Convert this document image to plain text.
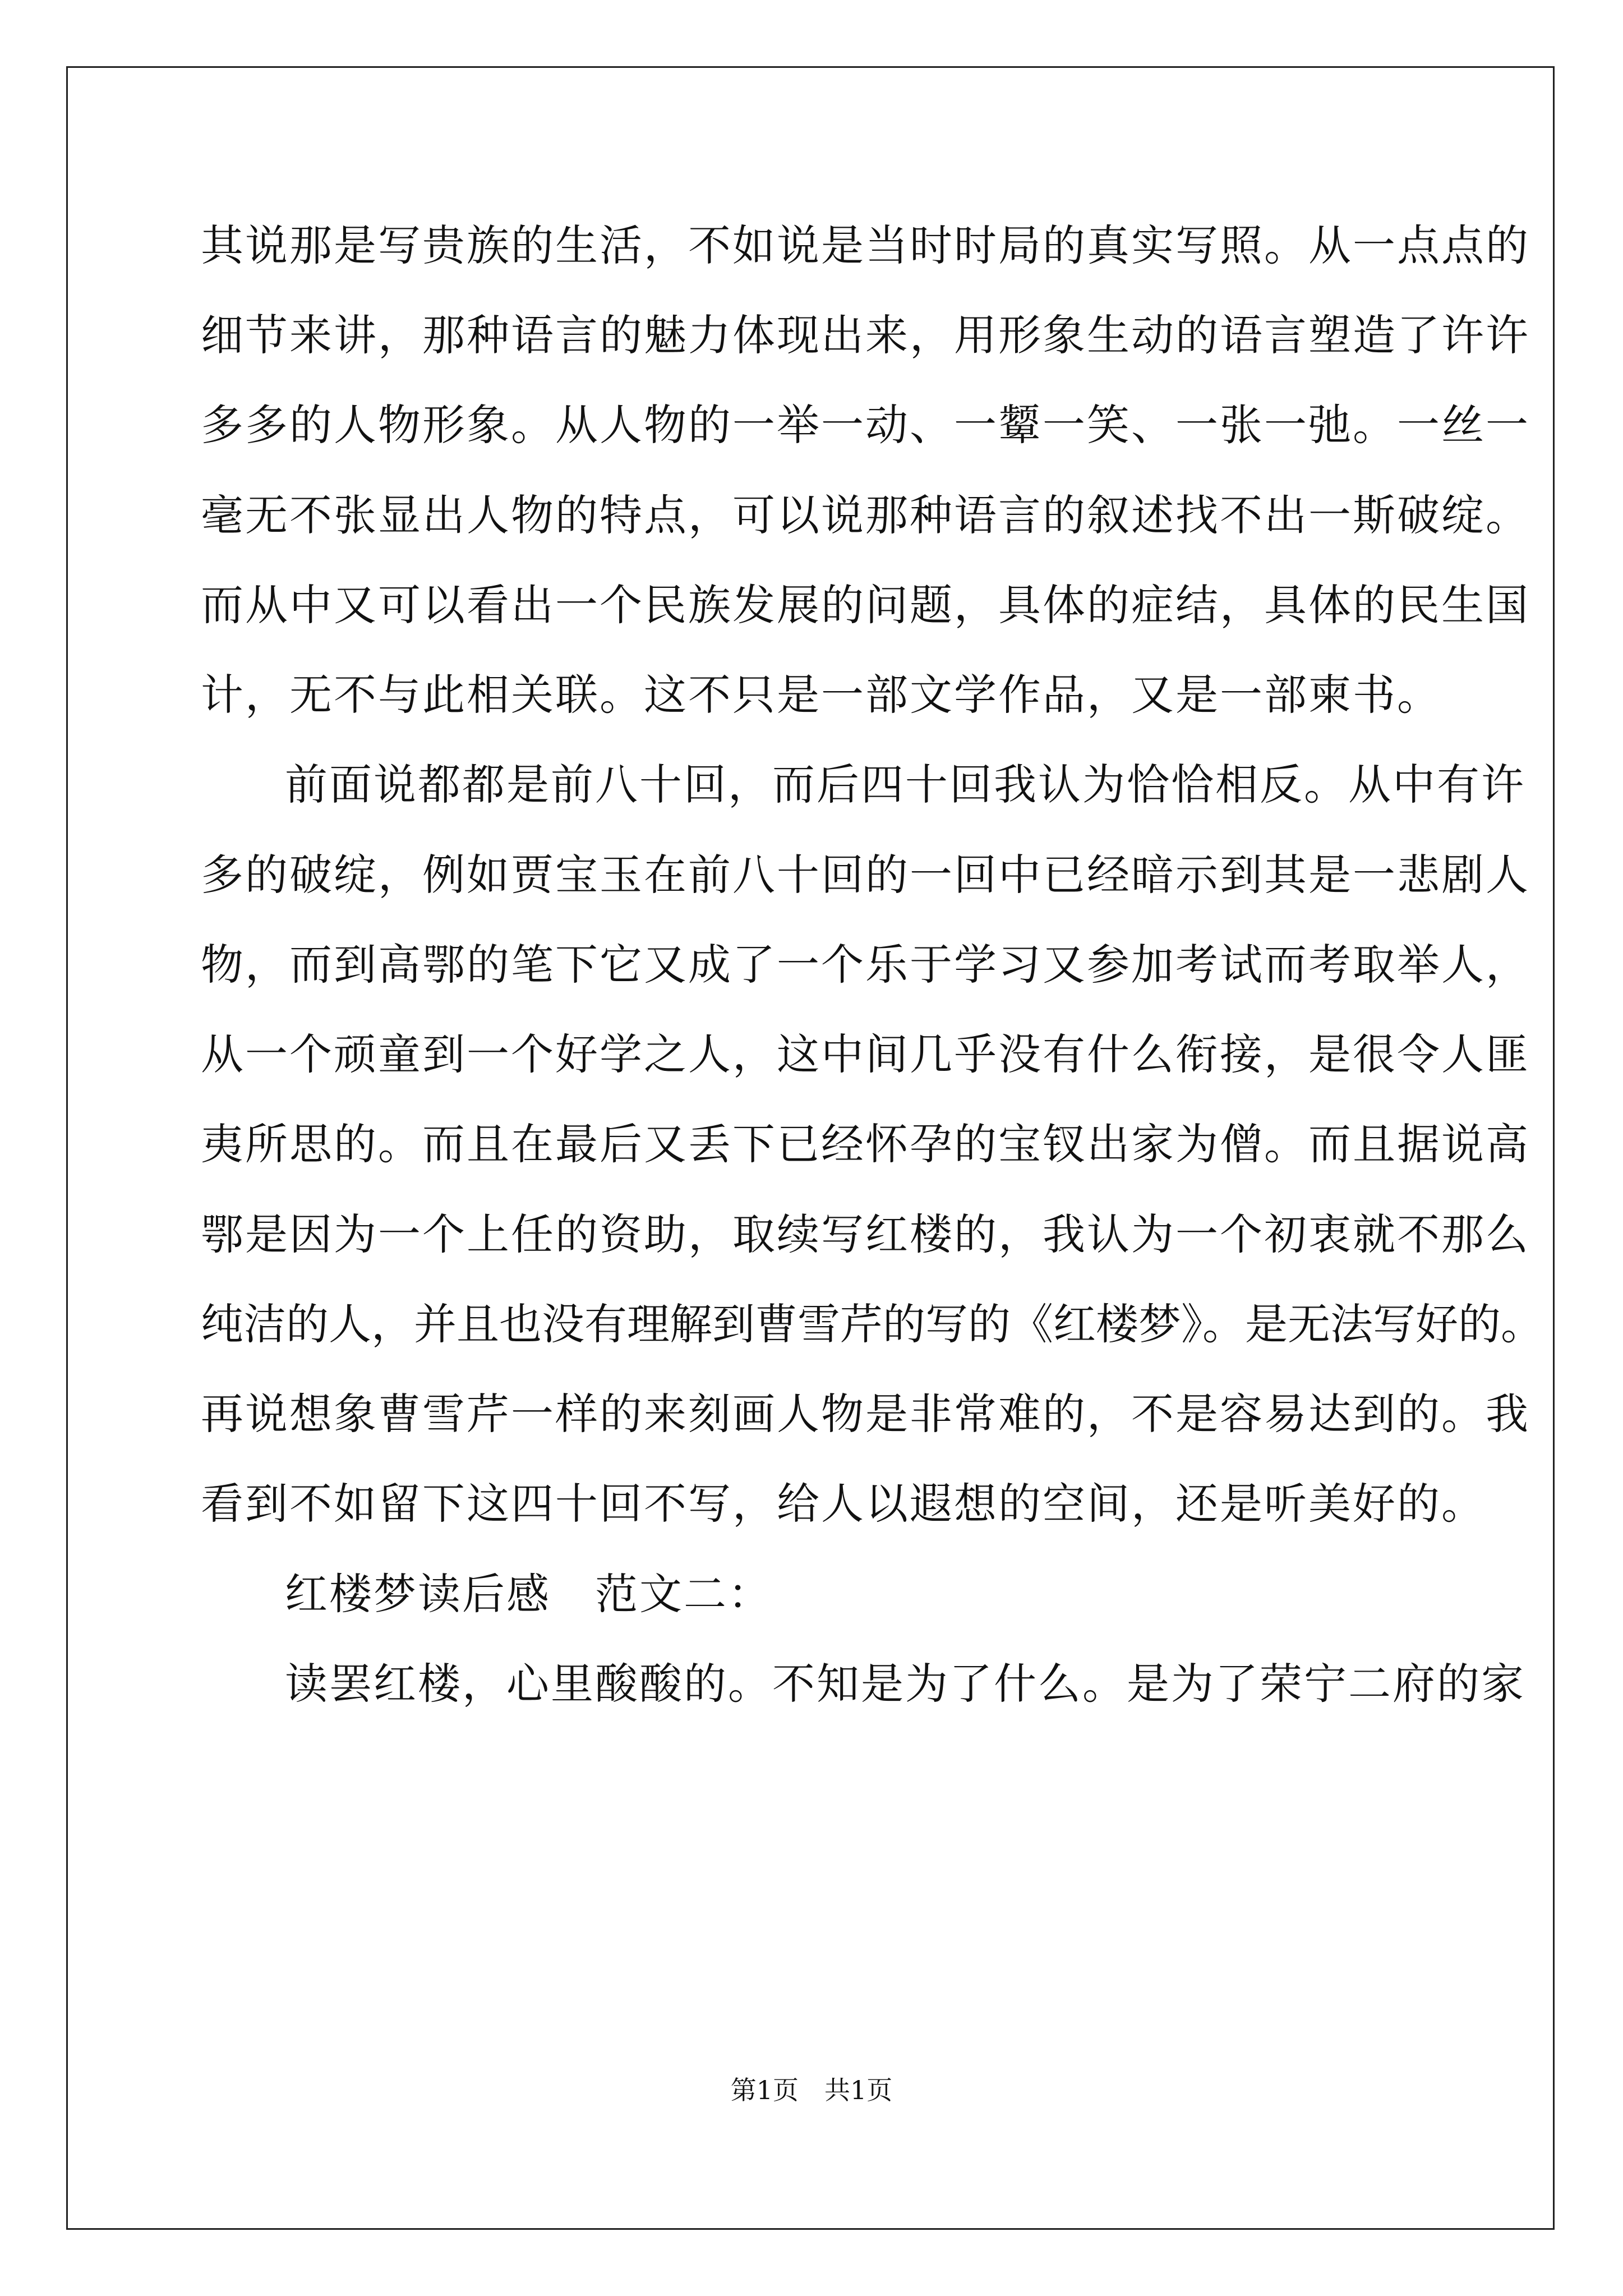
其说那是写贵族的生活，不如说是当时时局的真实写照。从一点点的
细节来讲，那种语言的魅力体现出来，用形象生动的语言塑造了许许
多多的人物形象。从人物的一举一动、一颦一笑、一张一弛。一丝一
毫无不张显出人物的特点，可以说那种语言的叙述找不出一斯破绽。
而从中又可以看出一个民族发展的问题，具体的症结，具体的民生国
计，无不与此相关联。这不只是一部文学作品，又是一部柬书。
前面说都都是前八十回，而后四十回我认为恰恰相反。从中有许
多的破绽，例如贾宝玉在前八十回的一回中已经暗示到其是一悲剧人
物，而到高鄂的笔下它又成了一个乐于学习又参加考试而考取举人，
从一个顽童到一个好学之人，这中间几乎没有什么衔接，是很令人匪
夷所思的。而且在最后又丢下已经怀孕的宝钗出家为僧。而且据说高
鄂是因为一个上任的资助，取续写红楼的，我认为一个初衷就不那么
纯洁的人，并且也没有理解到曹雪芹的写的《红楼梦》。是无法写好的。
再说想象曹雪芹一样的来刻画人物是非常难的，不是容易达到的。我
看到不如留下这四十回不写，给人以遐想的空间，还是听美好的。
红楼梦读后感　范文二：
读罢红楼，心里酸酸的。不知是为了什么。是为了荣宁二府的家
第1页　共1页
